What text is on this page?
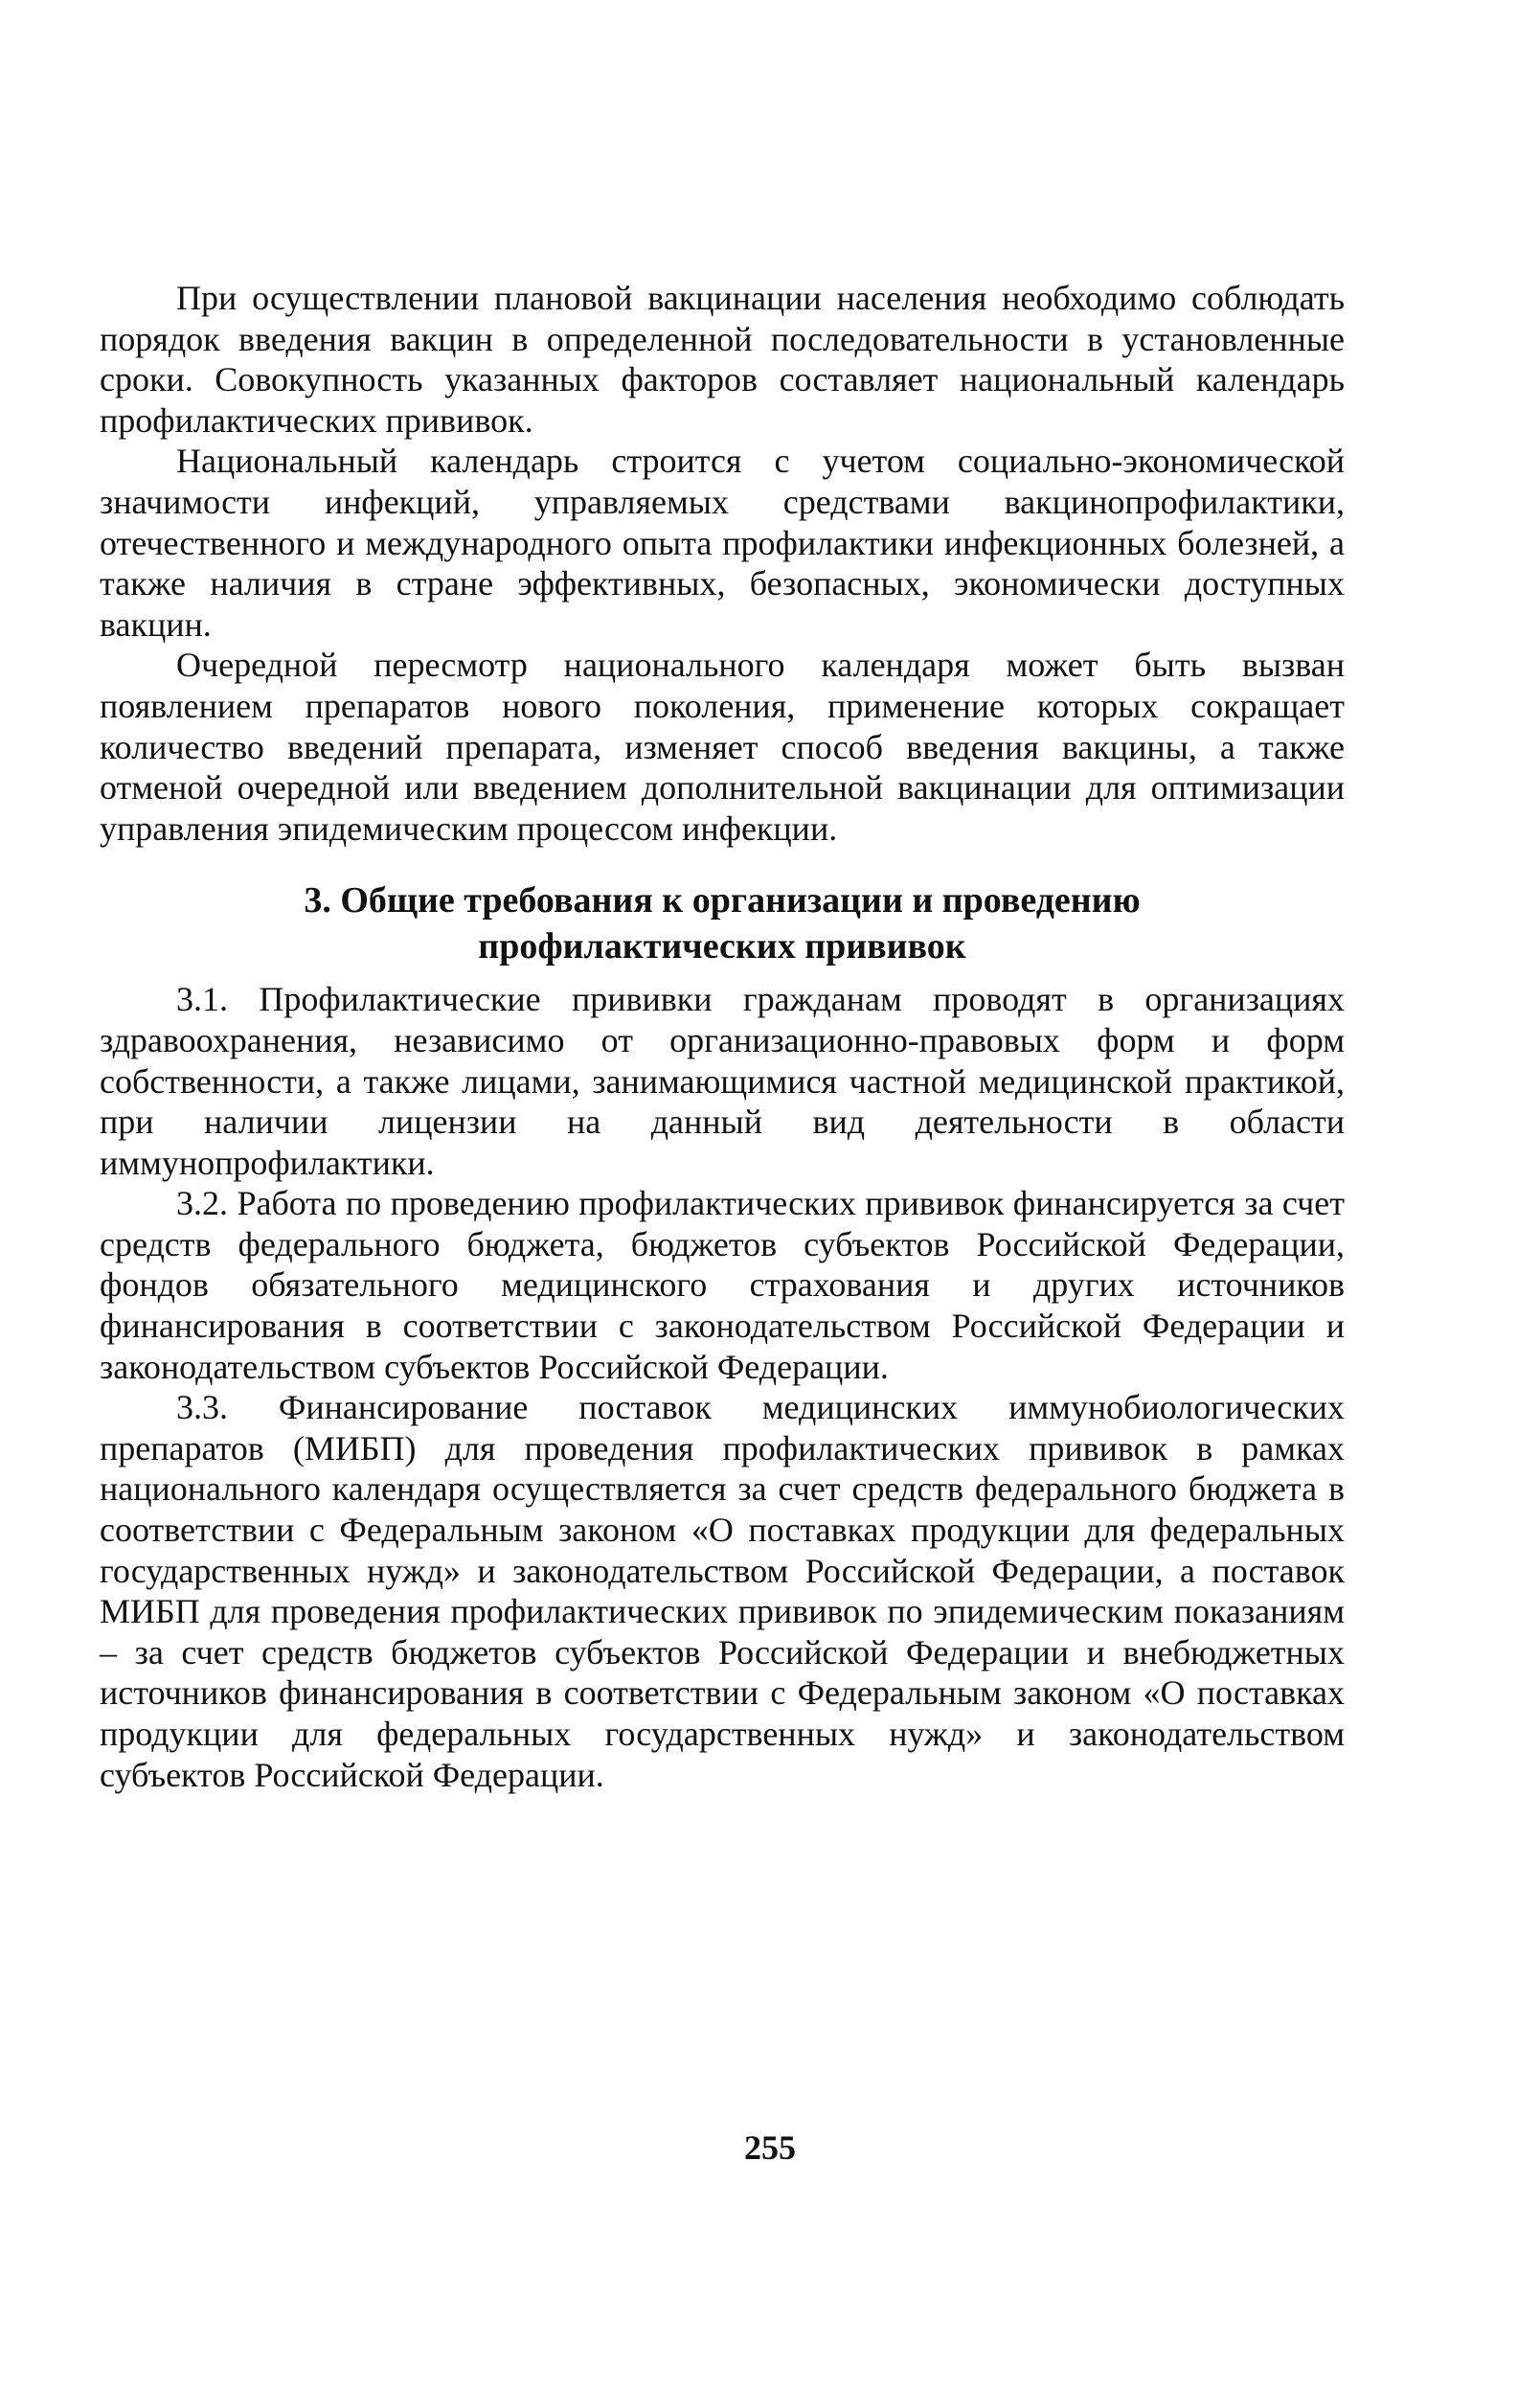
При осуществлении плановой вакцинации населения необходимо соблюдать порядок введения вакцин в определенной последовательности в установленные сроки. Совокупность указанных факторов составляет национальный календарь профилактических прививок.

Национальный календарь строится с учетом социально-экономической значимости инфекций, управляемых средствами вакцинопрофилактики, отечественного и международного опыта профилактики инфекционных болезней, а также наличия в стране эффективных, безопасных, экономически доступных вакцин.

Очередной пересмотр национального календаря может быть вызван появлением препаратов нового поколения, применение которых сокращает количество введений препарата, изменяет способ введения вакцины, а также отменой очередной или введением дополнительной вакцинации для оптимизации управления эпидемическим процессом инфекции.

3. Общие требования к организации и проведению
профилактических прививок

3.1. Профилактические прививки гражданам проводят в организациях здравоохранения, независимо от организационно-правовых форм и форм собственности, а также лицами, занимающимися частной медицинской практикой, при наличии лицензии на данный вид деятельности в области иммунопрофилактики.

3.2. Работа по проведению профилактических прививок финансируется за счет средств федерального бюджета, бюджетов субъектов Российской Федерации, фондов обязательного медицинского страхования и других источников финансирования в соответствии с законодательством Российской Федерации и законодательством субъектов Российской Федерации.

3.3. Финансирование поставок медицинских иммунобиологических препаратов (МИБП) для проведения профилактических прививок в рамках национального календаря осуществляется за счет средств федерального бюджета в соответствии с Федеральным законом «О поставках продукции для федеральных государственных нужд» и законодательством Российской Федерации, а поставок МИБП для проведения профилактических прививок по эпидемическим показаниям – за счет средств бюджетов субъектов Российской Федерации и внебюджетных источников финансирования в соответствии с Федеральным законом «О поставках продукции для федеральных государственных нужд» и законодательством субъектов Российской Федерации.

255
